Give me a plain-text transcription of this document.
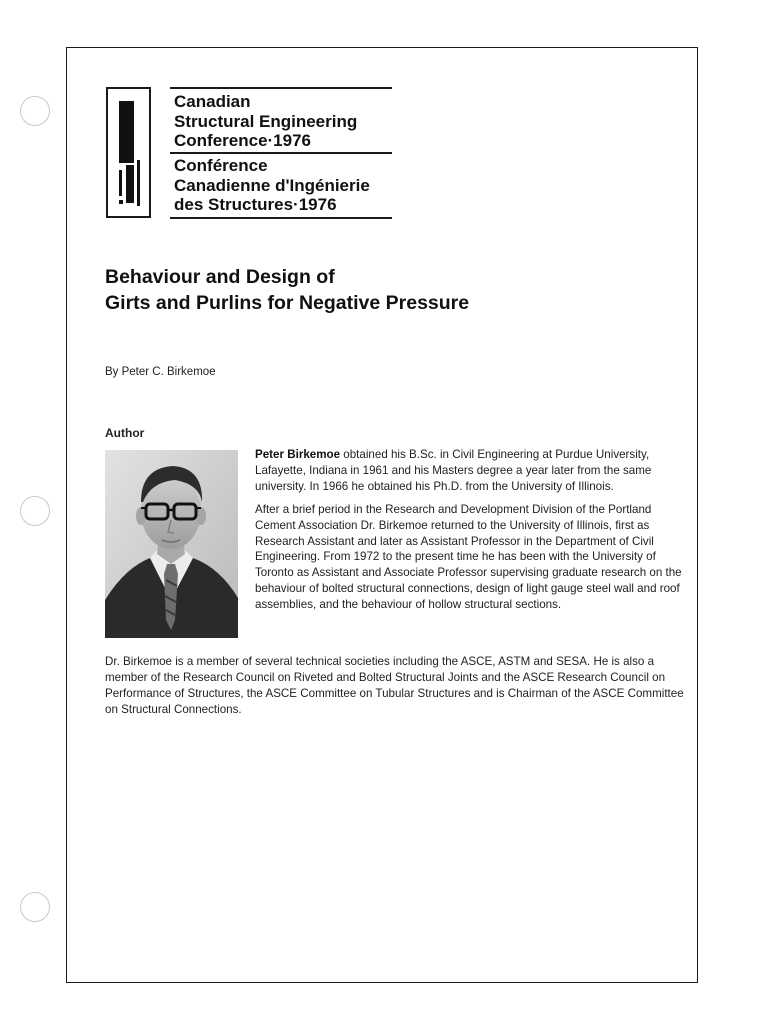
Canadian
Structural Engineering
Conference·1976
Conférence
Canadienne d'Ingénierie
des Structures·1976
Behaviour and Design of
Girts and Purlins for Negative Pressure

By Peter C. Birkemoe

Author

Peter Birkemoe obtained his B.Sc. in Civil Engineering at Purdue University, Lafayette, Indiana in 1961 and his Masters degree a year later from the same university. In 1966 he obtained his Ph.D. from the University of Illinois.

After a brief period in the Research and Development Division of the Portland Cement Association Dr. Birkemoe returned to the University of Illinois, first as Research Assistant and later as Assistant Professor in the Department of Civil Engineering. From 1972 to the present time he has been with the University of Toronto as Assistant and Associate Professor supervising graduate research on the behaviour of bolted structural connections, design of light gauge steel wall and roof assemblies, and the behaviour of hollow structural sections.

Dr. Birkemoe is a member of several technical societies including the ASCE, ASTM and SESA. He is also a member of the Research Council on Riveted and Bolted Structural Joints and the ASCE Research Council on Performance of Structures, the ASCE Committee on Tubular Structures and is Chairman of the ASCE Committee on Structural Connections.
